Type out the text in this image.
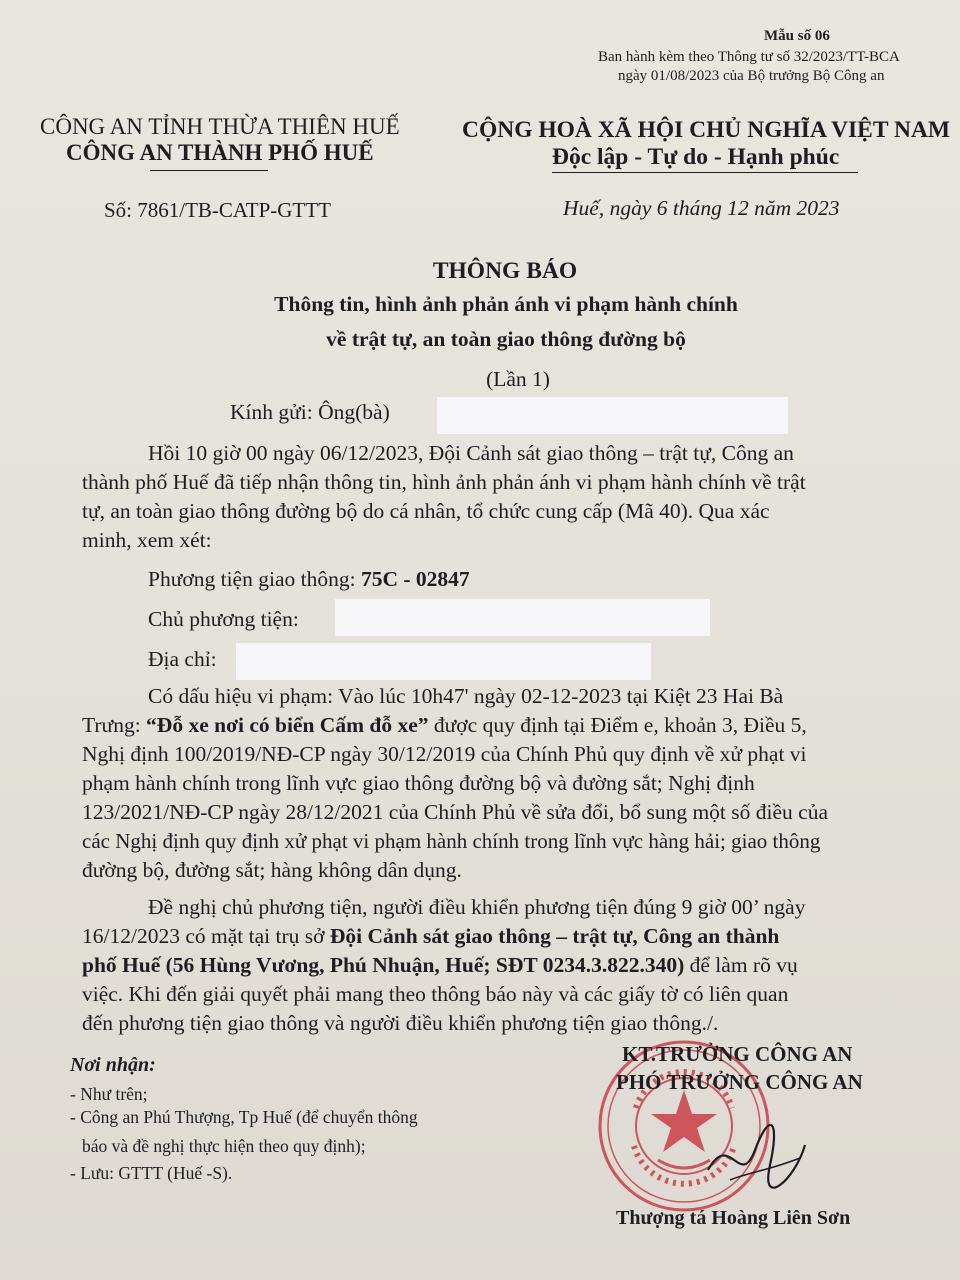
Mẫu số 06
Ban hành kèm theo Thông tư số 32/2023/TT-BCA
ngày 01/08/2023 của Bộ trưởng Bộ Công an
CÔNG AN TỈNH THỪA THIÊN HUẾ
CÔNG AN THÀNH PHỐ HUẾ
Số: 7861/TB-CATP-GTTT
CỘNG HOÀ XÃ HỘI CHỦ NGHĨA VIỆT NAM
Độc lập - Tự do - Hạnh phúc
Huế, ngày 6 tháng 12 năm 2023
THÔNG BÁO
Thông tin, hình ảnh phản ánh vi phạm hành chính
về trật tự, an toàn giao thông đường bộ
(Lần 1)
Kính gửi: Ông(bà)
Hồi 10 giờ 00 ngày 06/12/2023, Đội Cảnh sát giao thông – trật tự, Công an
thành phố Huế đã tiếp nhận thông tin, hình ảnh phản ánh vi phạm hành chính về trật
tự, an toàn giao thông đường bộ do cá nhân, tổ chức cung cấp (Mã 40). Qua xác
minh, xem xét:
Phương tiện giao thông: 75C - 02847
Chủ phương tiện:
Địa chỉ:
Có dấu hiệu vi phạm: Vào lúc 10h47' ngày 02-12-2023 tại Kiệt 23 Hai Bà
Trưng: “Đỗ xe nơi có biển Cấm đỗ xe” được quy định tại Điểm e, khoản 3, Điều 5,
Nghị định 100/2019/NĐ-CP ngày 30/12/2019 của Chính Phủ quy định về xử phạt vi
phạm hành chính trong lĩnh vực giao thông đường bộ và đường sắt; Nghị định
123/2021/NĐ-CP ngày 28/12/2021 của Chính Phủ về sửa đổi, bổ sung một số điều của
các Nghị định quy định xử phạt vi phạm hành chính trong lĩnh vực hàng hải; giao thông
đường bộ, đường sắt; hàng không dân dụng.
Đề nghị chủ phương tiện, người điều khiển phương tiện đúng 9 giờ 00’ ngày
16/12/2023 có mặt tại trụ sở Đội Cảnh sát giao thông – trật tự, Công an thành
phố Huế (56 Hùng Vương, Phú Nhuận, Huế; SĐT 0234.3.822.340) để làm rõ vụ
việc. Khi đến giải quyết phải mang theo thông báo này và các giấy tờ có liên quan
đến phương tiện giao thông và người điều khiển phương tiện giao thông./.
Nơi nhận:
- Như trên;
- Công an Phú Thượng, Tp Huế (để chuyển thông
báo và đề nghị thực hiện theo quy định);
- Lưu: GTTT (Huế -S).
KT.TRƯỞNG CÔNG AN
PHÓ TRƯỞNG CÔNG AN
Thượng tá Hoàng Liên Sơn
